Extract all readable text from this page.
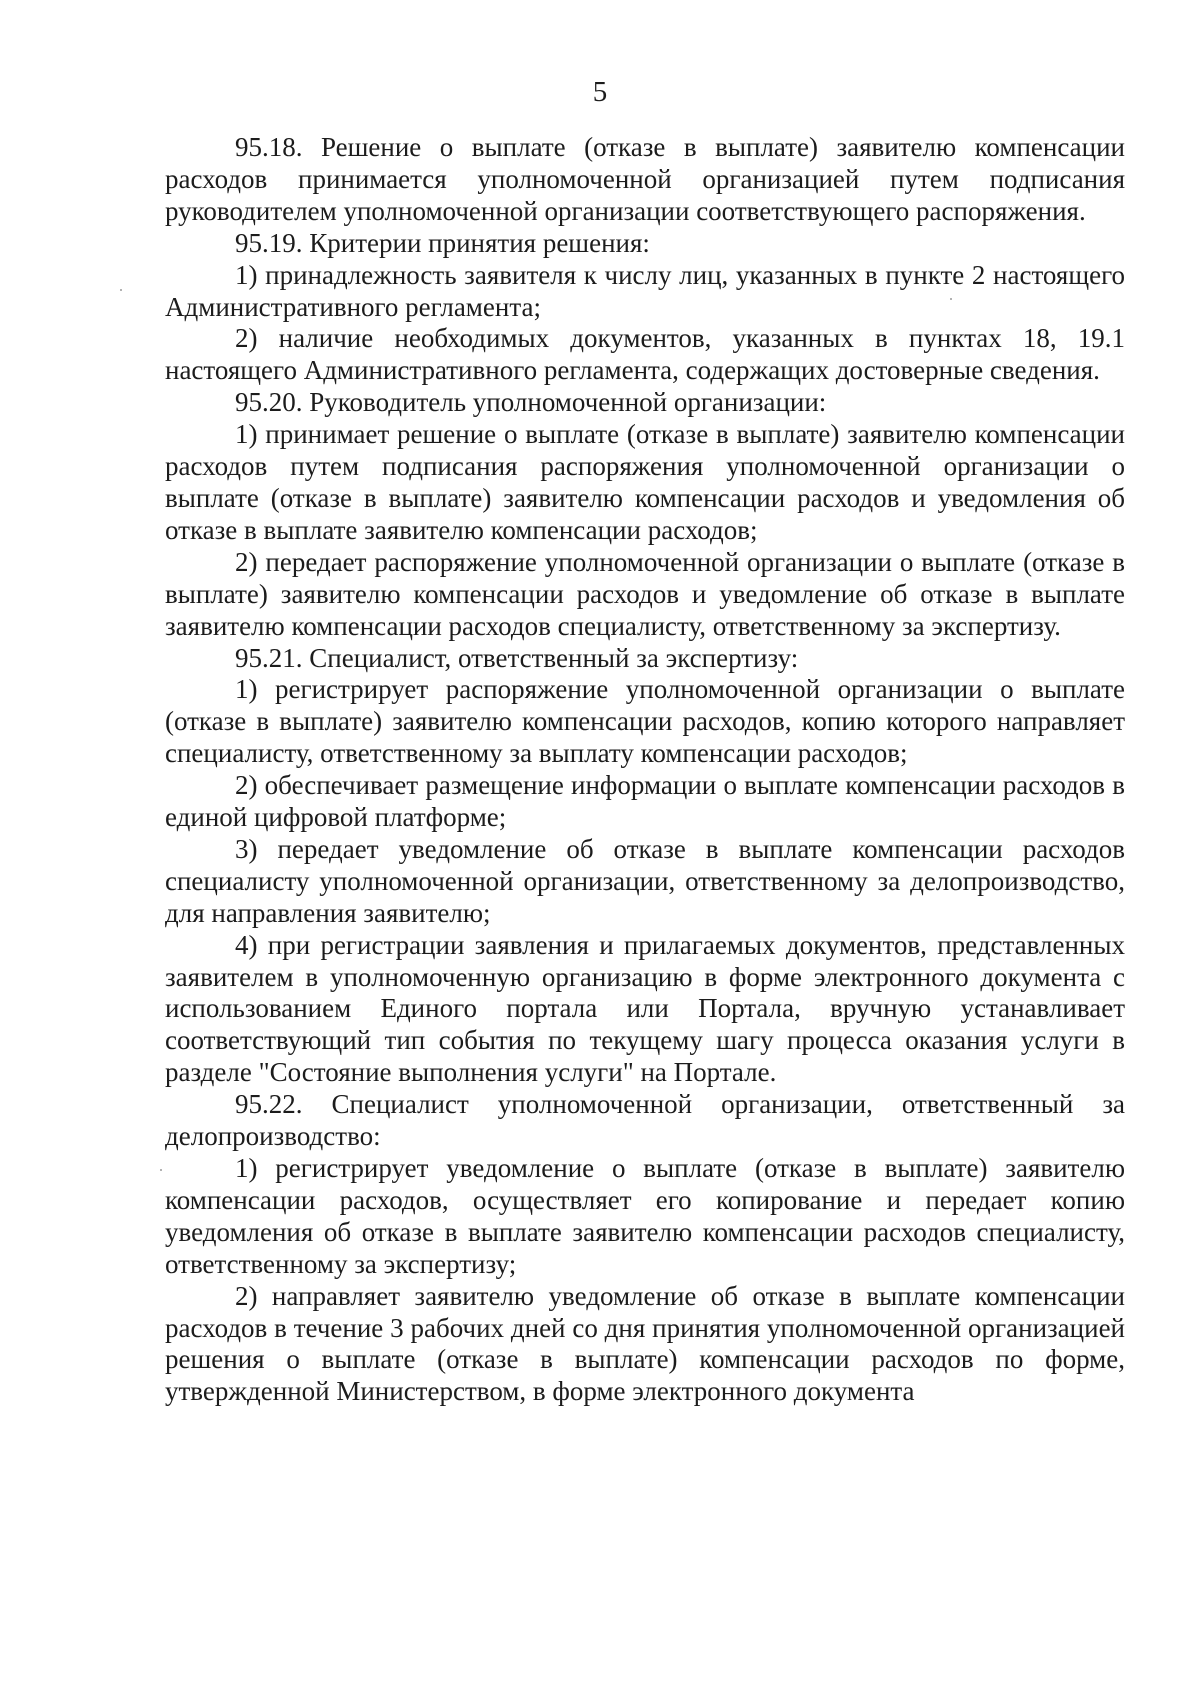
5

95.18. Решение о выплате (отказе в выплате) заявителю компенсации расходов принимается уполномоченной организацией путем подписания руководителем уполномоченной организации соответствующего распоряжения.

95.19. Критерии принятия решения:

1) принадлежность заявителя к числу лиц, указанных в пункте 2 настоящего Административного регламента;

2) наличие необходимых документов, указанных в пунктах 18, 19.1 настоящего Административного регламента, содержащих достоверные сведения.

95.20. Руководитель уполномоченной организации:

1) принимает решение о выплате (отказе в выплате) заявителю компенсации расходов путем подписания распоряжения уполномоченной организации о выплате (отказе в выплате) заявителю компенсации расходов и уведомления об отказе в выплате заявителю компенсации расходов;

2) передает распоряжение уполномоченной организации о выплате (отказе в выплате) заявителю компенсации расходов и уведомление об отказе в выплате заявителю компенсации расходов специалисту, ответственному за экспертизу.

95.21. Специалист, ответственный за экспертизу:

1) регистрирует распоряжение уполномоченной организации о выплате (отказе в выплате) заявителю компенсации расходов, копию которого направляет специалисту, ответственному за выплату компенсации расходов;

2) обеспечивает размещение информации о выплате компенсации расходов в единой цифровой платформе;

3) передает уведомление об отказе в выплате компенсации расходов специалисту уполномоченной организации, ответственному за делопроизводство, для направления заявителю;

4) при регистрации заявления и прилагаемых документов, представленных заявителем в уполномоченную организацию в форме электронного документа с использованием Единого портала или Портала, вручную устанавливает соответствующий тип события по текущему шагу процесса оказания услуги в разделе "Состояние выполнения услуги" на Портале.

95.22. Специалист уполномоченной организации, ответственный за делопроизводство:

1) регистрирует уведомление о выплате (отказе в выплате) заявителю компенсации расходов, осуществляет его копирование и передает копию уведомления об отказе в выплате заявителю компенсации расходов специалисту, ответственному за экспертизу;

2) направляет заявителю уведомление об отказе в выплате компенсации расходов в течение 3 рабочих дней со дня принятия уполномоченной организацией решения о выплате (отказе в выплате) компенсации расходов по форме, утвержденной Министерством, в форме электронного документа
